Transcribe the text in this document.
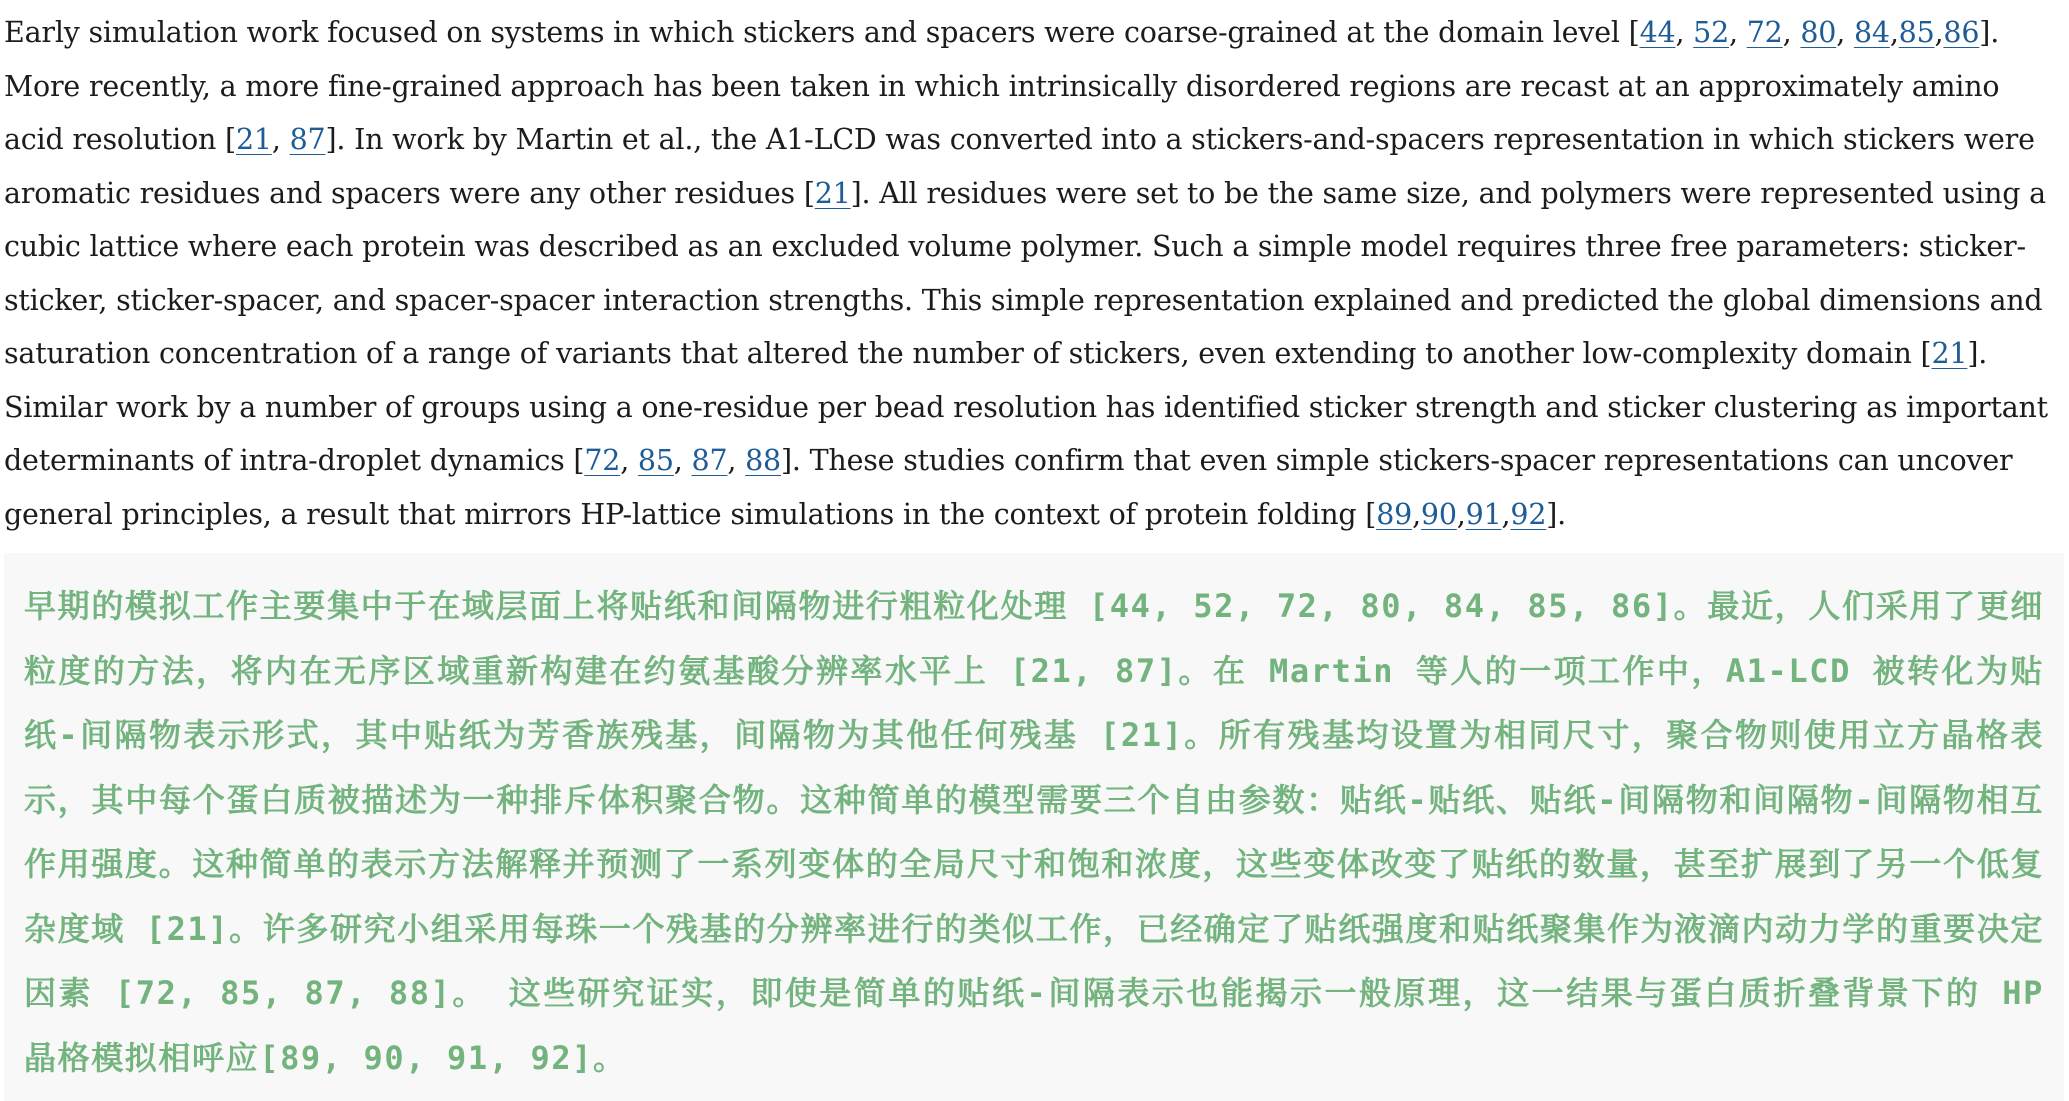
Early simulation work focused on systems in which stickers and spacers were coarse-grained at the domain level [44, 52, 72, 80, 84,85,86]. More recently, a more fine-grained approach has been taken in which intrinsically disordered regions are recast at an approximately amino acid resolution [21, 87]. In work by Martin et al., the A1-LCD was converted into a stickers-and-spacers representation in which stickers were aromatic residues and spacers were any other residues [21]. All residues were set to be the same size, and polymers were represented using a cubic lattice where each protein was described as an excluded volume polymer. Such a simple model requires three free parameters: sticker-sticker, sticker-spacer, and spacer-spacer interaction strengths. This simple representation explained and predicted the global dimensions and saturation concentration of a range of variants that altered the number of stickers, even extending to another low-complexity domain [21]. Similar work by a number of groups using a one-residue per bead resolution has identified sticker strength and sticker clustering as important determinants of intra-droplet dynamics [72, 85, 87, 88]. These studies confirm that even simple stickers-spacer representations can uncover general principles, a result that mirrors HP-lattice simulations in the context of protein folding [89,90,91,92].

早期的模拟工作主要集中于在域层面上将贴纸和间隔物进行粗粒化处理 [44, 52, 72, 80, 84, 85, 86]。最近，人们采用了更细粒度的方法，将内在无序区域重新构建在约氨基酸分辨率水平上 [21, 87]。在 Martin 等人的一项工作中，A1-LCD 被转化为贴纸-间隔物表示形式，其中贴纸为芳香族残基，间隔物为其他任何残基 [21]。所有残基均设置为相同尺寸，聚合物则使用立方晶格表示，其中每个蛋白质被描述为一种排斥体积聚合物。这种简单的模型需要三个自由参数：贴纸-贴纸、贴纸-间隔物和间隔物-间隔物相互作用强度。这种简单的表示方法解释并预测了一系列变体的全局尺寸和饱和浓度，这些变体改变了贴纸的数量，甚至扩展到了另一个低复杂度域 [21]。许多研究小组采用每珠一个残基的分辨率进行的类似工作，已经确定了贴纸强度和贴纸聚集作为液滴内动力学的重要决定因素 [72, 85, 87, 88]。 这些研究证实，即使是简单的贴纸-间隔表示也能揭示一般原理，这一结果与蛋白质折叠背景下的 HP 晶格模拟相呼应[89, 90, 91, 92]。
